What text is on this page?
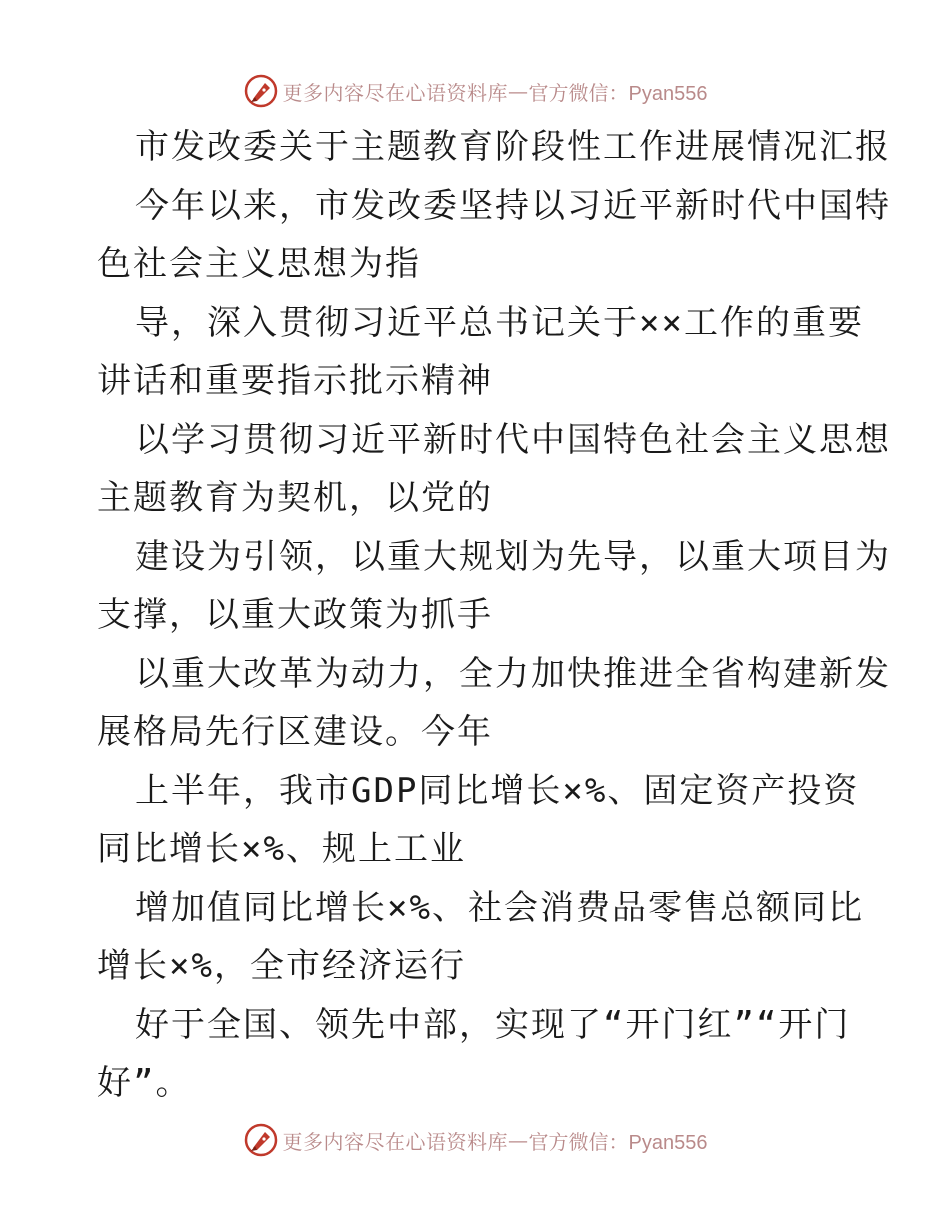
更多内容尽在心语资料库 — 官方微信：Pyan556
市发改委关于主题教育阶段性工作进展情况汇报
今年以来，市发改委坚持以习近平新时代中国特
色社会主义思想为指
导，深入贯彻习近平总书记关于××工作的重要
讲话和重要指示批示精神
以学习贯彻习近平新时代中国特色社会主义思想
主题教育为契机，以党的
建设为引领，以重大规划为先导，以重大项目为
支撑，以重大政策为抓手
以重大改革为动力，全力加快推进全省构建新发
展格局先行区建设。今年
上半年，我市GDP同比增长×%、固定资产投资
同比增长×%、规上工业
增加值同比增长×%、社会消费品零售总额同比
增长×%，全市经济运行
好于全国、领先中部，实现了“开门红”“开门
好”。
更多内容尽在心语资料库 — 官方微信：Pyan556
